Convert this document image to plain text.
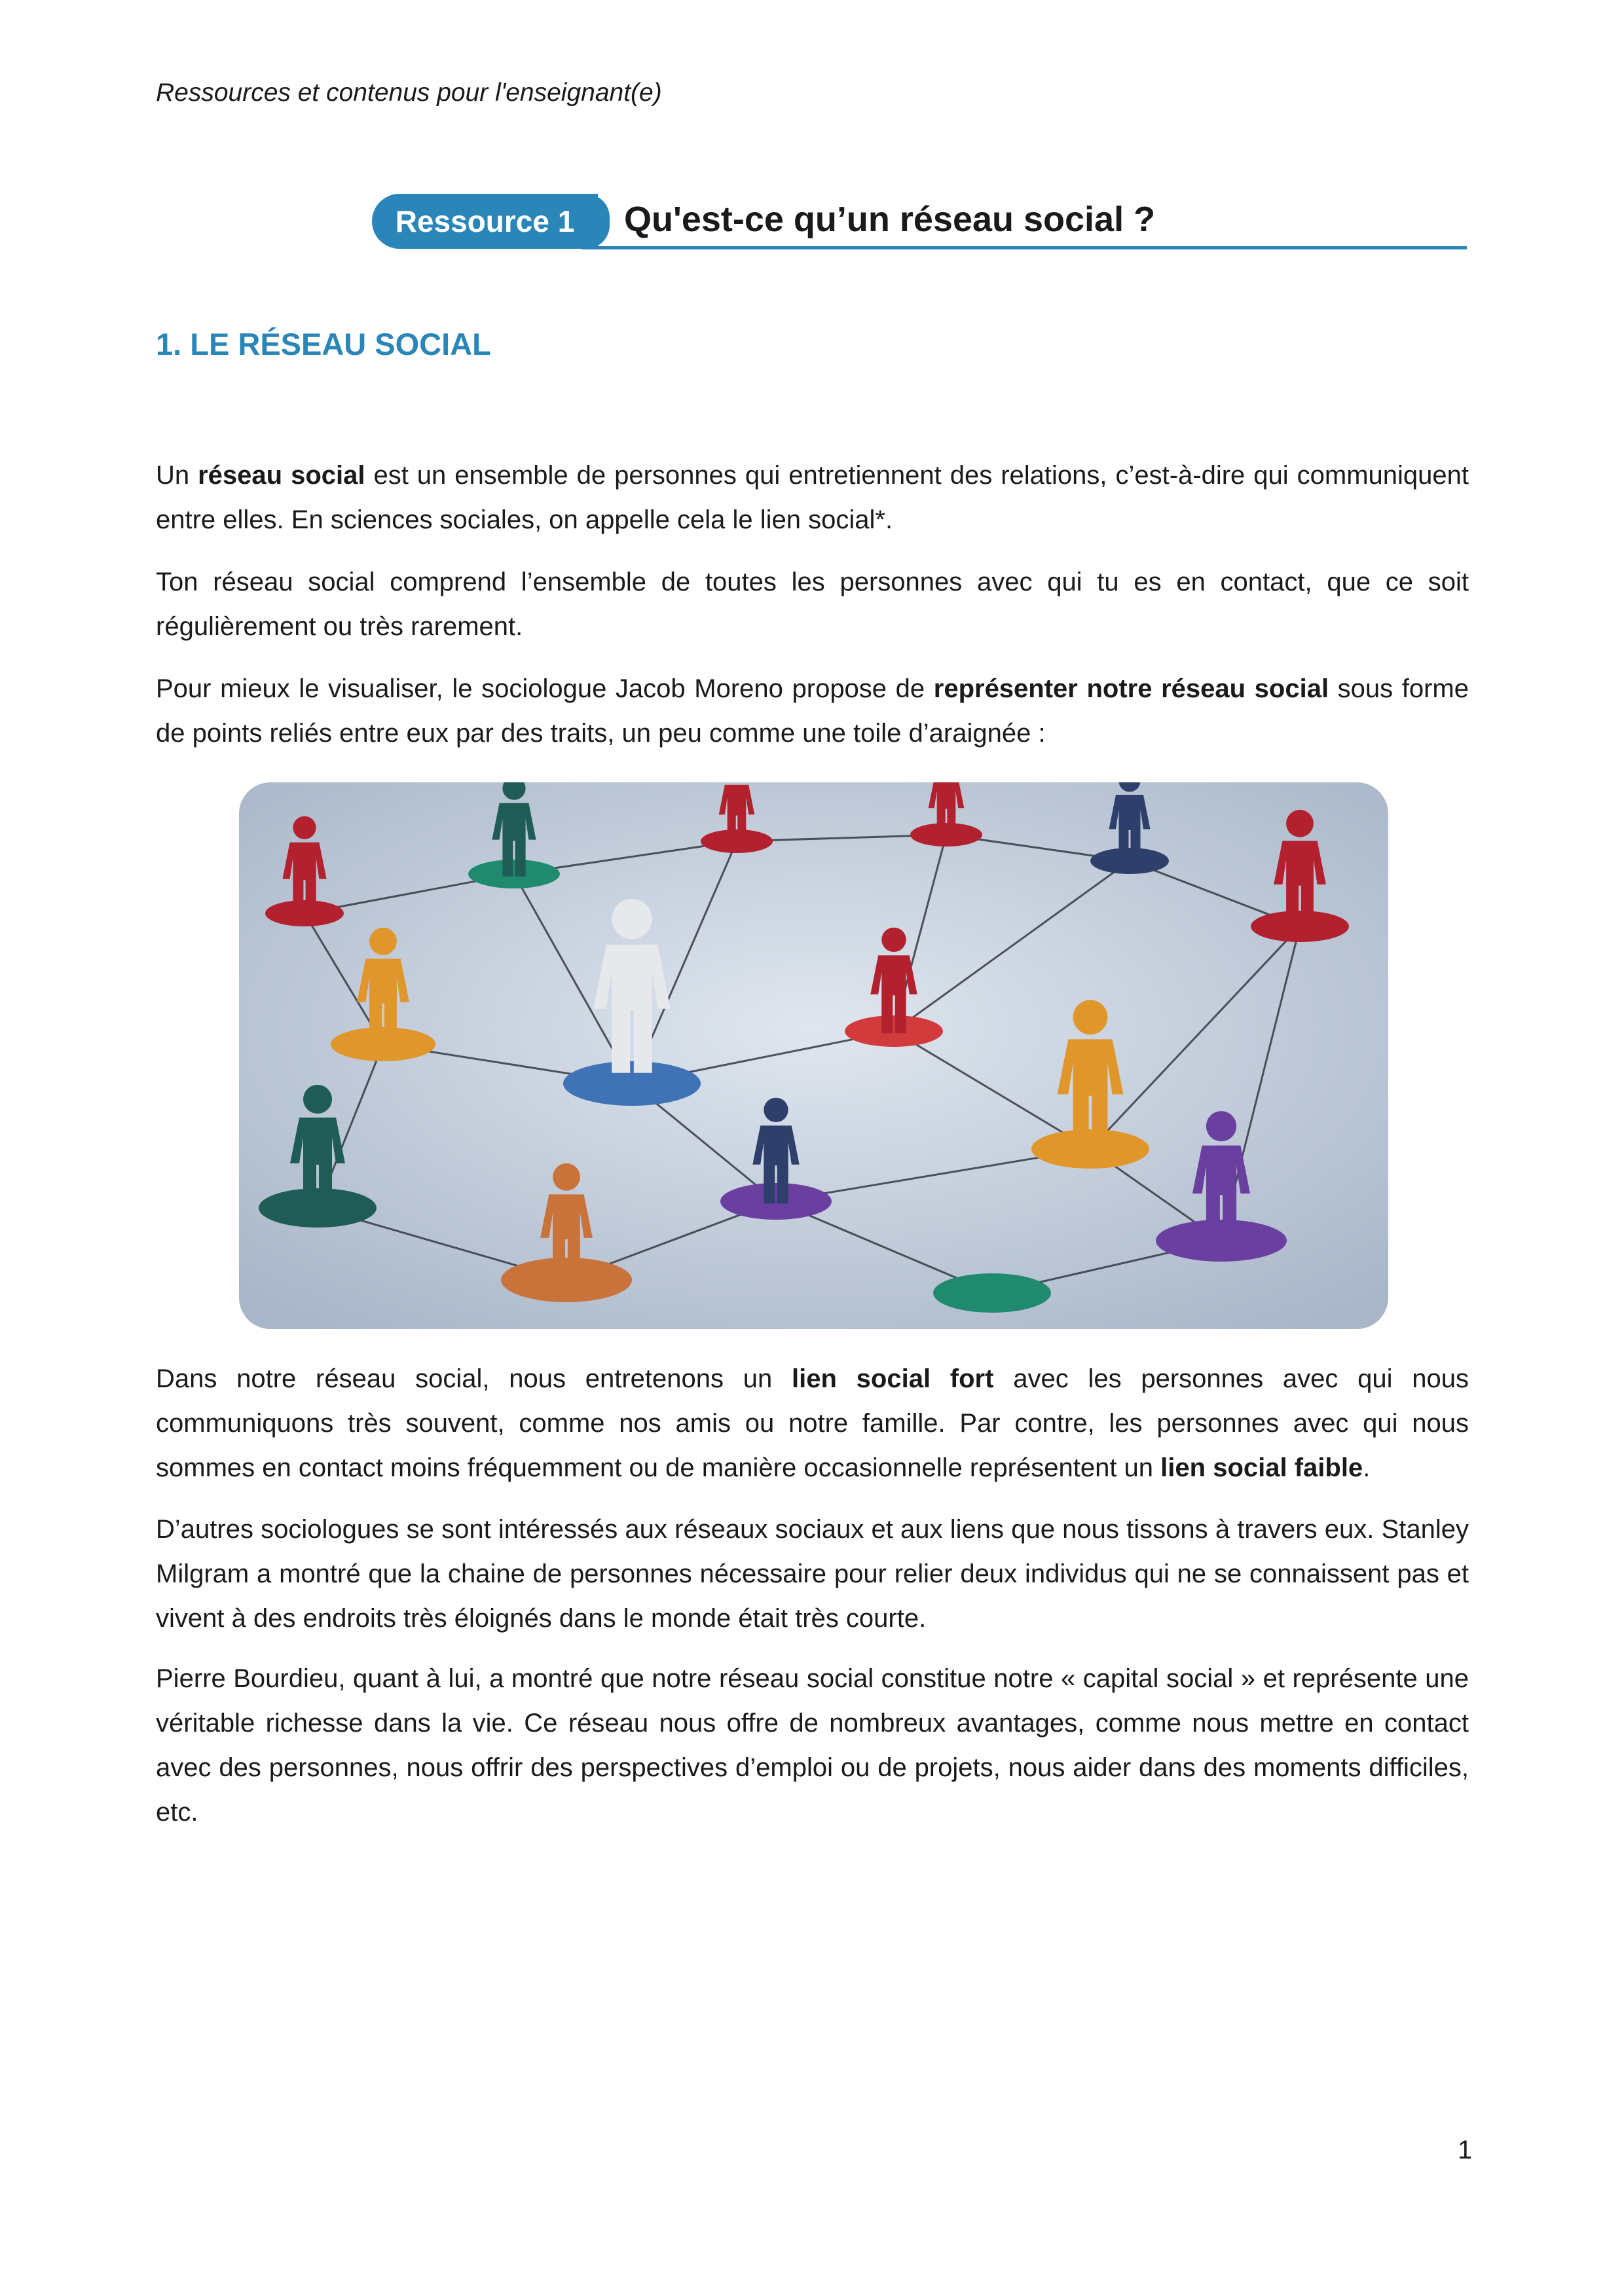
Ressources et contenus pour l'enseignant(e)
Ressource 1	Qu'est-ce qu’un réseau social ?
1. LE RÉSEAU SOCIAL

Un réseau social est un ensemble de personnes qui entretiennent des relations, c’est-à-dire qui communiquent entre elles. En sciences sociales, on appelle cela le lien social*.

Ton réseau social comprend l’ensemble de toutes les personnes avec qui tu es en contact, que ce soit régulièrement ou très rarement.

Pour mieux le visualiser, le sociologue Jacob Moreno propose de représenter notre réseau social sous forme de points reliés entre eux par des traits, un peu comme une toile d’araignée :

Dans notre réseau social, nous entretenons un lien social fort avec les personnes avec qui nous communiquons très souvent, comme nos amis ou notre famille. Par contre, les personnes avec qui nous sommes en contact moins fréquemment ou de manière occasionnelle représentent un lien social faible.

D’autres sociologues se sont intéressés aux réseaux sociaux et aux liens que nous tissons à travers eux. Stanley Milgram a montré que la chaine de personnes nécessaire pour relier deux individus qui ne se connaissent pas et vivent à des endroits très éloignés dans le monde était très courte.

Pierre Bourdieu, quant à lui, a montré que notre réseau social constitue notre « capital social » et représente une véritable richesse dans la vie. Ce réseau nous offre de nombreux avantages, comme nous mettre en contact avec des personnes, nous offrir des perspectives d’emploi ou de projets, nous aider dans des moments difficiles, etc.

1
